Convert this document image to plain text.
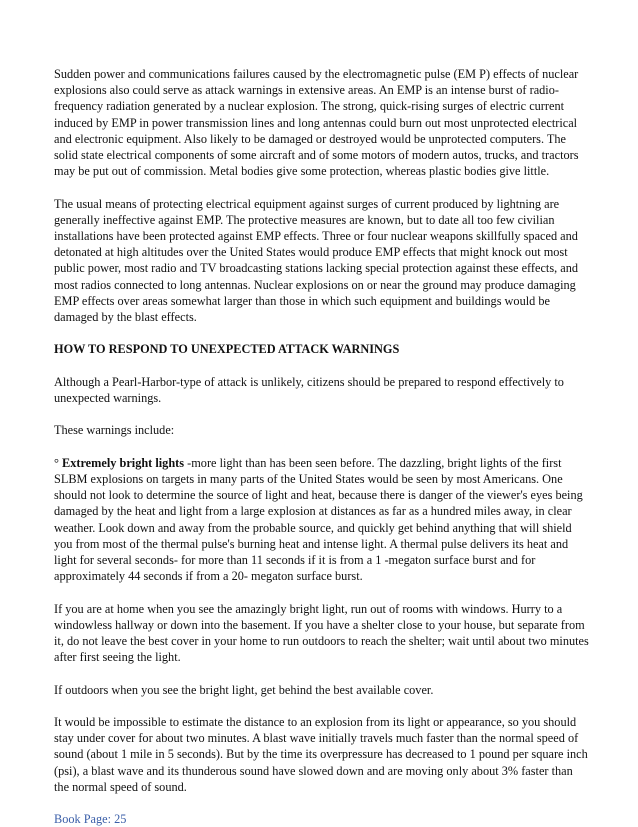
Sudden power and communications failures caused by the electromagnetic pulse (EM P) effects of nuclear explosions also could serve as attack warnings in extensive areas. An EMP is an intense burst of radio- frequency radiation generated by a nuclear explosion. The strong, quick-rising surges of electric current induced by EMP in power transmission lines and long antennas could burn out most unprotected electrical and electronic equipment. Also likely to be damaged or destroyed would be unprotected computers. The solid state electrical components of some aircraft and of some motors of modern autos, trucks, and tractors may be put out of commission. Metal bodies give some protection, whereas plastic bodies give little.

The usual means of protecting electrical equipment against surges of current produced by lightning are generally ineffective against EMP. The protective measures are known, but to date all too few civilian installations have been protected against EMP effects. Three or four nuclear weapons skillfully spaced and detonated at high altitudes over the United States would produce EMP effects that might knock out most public power, most radio and TV broadcasting stations lacking special protection against these effects, and most radios connected to long antennas. Nuclear explosions on or near the ground may produce damaging EMP effects over areas somewhat larger than those in which such equipment and buildings would be damaged by the blast effects.

HOW TO RESPOND TO UNEXPECTED ATTACK WARNINGS

Although a Pearl-Harbor-type of attack is unlikely, citizens should be prepared to respond effectively to unexpected warnings.

These warnings include:

° Extremely bright lights -more light than has been seen before. The dazzling, bright lights of the first SLBM explosions on targets in many parts of the United States would be seen by most Americans. One should not look to determine the source of light and heat, because there is danger of the viewer's eyes being damaged by the heat and light from a large explosion at distances as far as a hundred miles away, in clear weather. Look down and away from the probable source, and quickly get behind anything that will shield you from most of the thermal pulse's burning heat and intense light. A thermal pulse delivers its heat and light for several seconds- for more than 11 seconds if it is from a 1 -megaton surface burst and for approximately 44 seconds if from a 20- megaton surface burst.

If you are at home when you see the amazingly bright light, run out of rooms with windows. Hurry to a windowless hallway or down into the basement. If you have a shelter close to your house, but separate from it, do not leave the best cover in your home to run outdoors to reach the shelter; wait until about two minutes after first seeing the light.

If outdoors when you see the bright light, get behind the best available cover.

It would be impossible to estimate the distance to an explosion from its light or appearance, so you should stay under cover for about two minutes. A blast wave initially travels much faster than the normal speed of sound (about 1 mile in 5 seconds). But by the time its overpressure has decreased to 1 pound per square inch (psi), a blast wave and its thunderous sound have slowed down and are moving only about 3% faster than the normal speed of sound.

Book Page: 25
